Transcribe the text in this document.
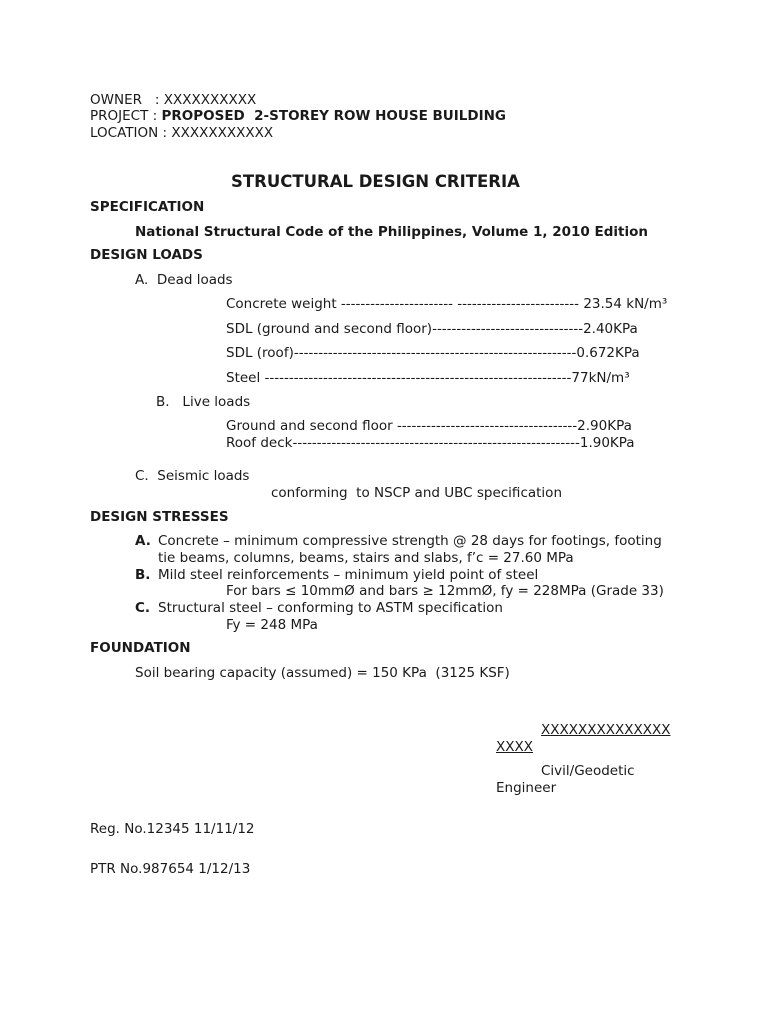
OWNER   : XXXXXXXXXX
PROJECT : PROPOSED  2-STOREY ROW HOUSE BUILDING
LOCATION : XXXXXXXXXXX
STRUCTURAL DESIGN CRITERIA
SPECIFICATION
National Structural Code of the Philippines, Volume 1, 2010 Edition
DESIGN LOADS
A.  Dead loads
Concrete weight ----------------------- ------------------------- 23.54 kN/m³
SDL (ground and second floor)-------------------------------2.40KPa
SDL (roof)----------------------------------------------------------0.672KPa
Steel ---------------------------------------------------------------77kN/m³
B.   Live loads
Ground and second floor -------------------------------------2.90KPa
Roof deck-----------------------------------------------------------1.90KPa
C.  Seismic loads
conforming  to NSCP and UBC specification
DESIGN STRESSES
A. Concrete – minimum compressive strength @ 28 days for footings, footing
tie beams, columns, beams, stairs and slabs, f’c = 27.60 MPa
B. Mild steel reinforcements – minimum yield point of steel
For bars ≤ 10mmØ and bars ≥ 12mmØ, fy = 228MPa (Grade 33)
C. Structural steel – conforming to ASTM specification
Fy = 248 MPa
FOUNDATION
Soil bearing capacity (assumed) = 150 KPa  (3125 KSF)
XXXXXXXXXXXXXX
XXXX
Civil/Geodetic
Engineer
Reg. No.12345 11/11/12
PTR No.987654 1/12/13
